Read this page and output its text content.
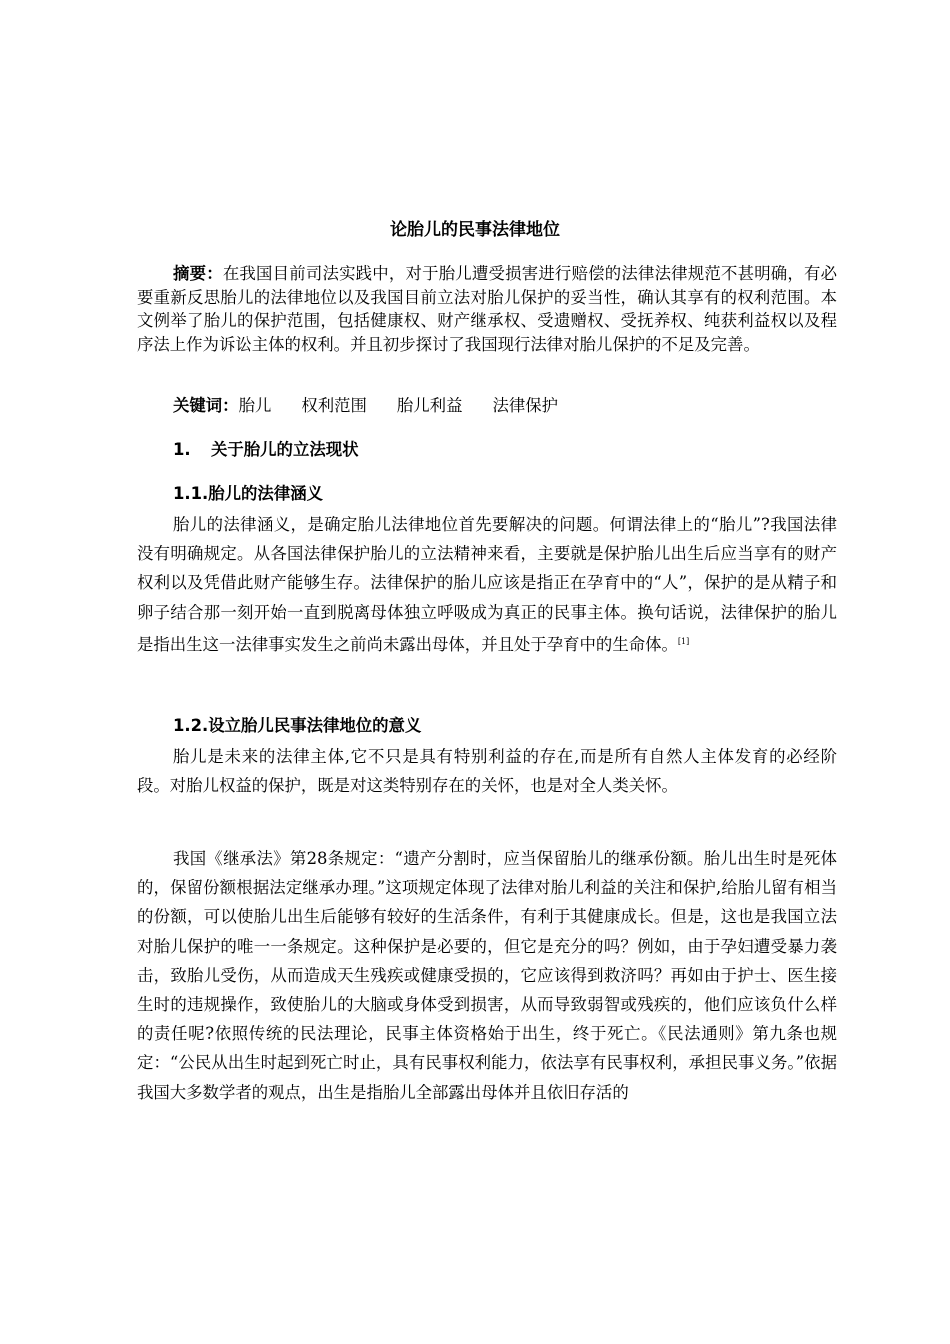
论胎儿的民事法律地位
摘要：在我国目前司法实践中，对于胎儿遭受损害进行赔偿的法律法律规范不甚明确，有必要重新反思胎儿的法律地位以及我国目前立法对胎儿保护的妥当性，确认其享有的权利范围。本文例举了胎儿的保护范围，包括健康权、财产继承权、受遗赠权、受抚养权、纯获利益权以及程序法上作为诉讼主体的权利。并且初步探讨了我国现行法律对胎儿保护的不足及完善。
关键词：胎儿 权利范围 胎儿利益 法律保护
1. 关于胎儿的立法现状
1.1.胎儿的法律涵义
胎儿的法律涵义，是确定胎儿法律地位首先要解决的问题。何谓法律上的“胎儿”?我国法律没有明确规定。从各国法律保护胎儿的立法精神来看，主要就是保护胎儿出生后应当享有的财产权利以及凭借此财产能够生存。法律保护的胎儿应该是指正在孕育中的“人”，保护的是从精子和卵子结合那一刻开始一直到脱离母体独立呼吸成为真正的民事主体。换句话说，法律保护的胎儿是指出生这一法律事实发生之前尚未露出母体，并且处于孕育中的生命体。[1]
1.2.设立胎儿民事法律地位的意义
胎儿是未来的法律主体,它不只是具有特别利益的存在,而是所有自然人主体发育的必经阶段。对胎儿权益的保护，既是对这类特别存在的关怀，也是对全人类关怀。
我国《继承法》第28条规定：“遗产分割时，应当保留胎儿的继承份额。胎儿出生时是死体的，保留份额根据法定继承办理。”这项规定体现了法律对胎儿利益的关注和保护,给胎儿留有相当的份额，可以使胎儿出生后能够有较好的生活条件，有利于其健康成长。但是，这也是我国立法对胎儿保护的唯一一条规定。这种保护是必要的，但它是充分的吗？例如，由于孕妇遭受暴力袭击，致胎儿受伤，从而造成天生残疾或健康受损的，它应该得到救济吗？再如由于护士、医生接生时的违规操作，致使胎儿的大脑或身体受到损害，从而导致弱智或残疾的，他们应该负什么样的责任呢?依照传统的民法理论，民事主体资格始于出生，终于死亡。《民法通则》第九条也规定：“公民从出生时起到死亡时止，具有民事权利能力，依法享有民事权利，承担民事义务。”依据我国大多数学者的观点，出生是指胎儿全部露出母体并且依旧存活的
